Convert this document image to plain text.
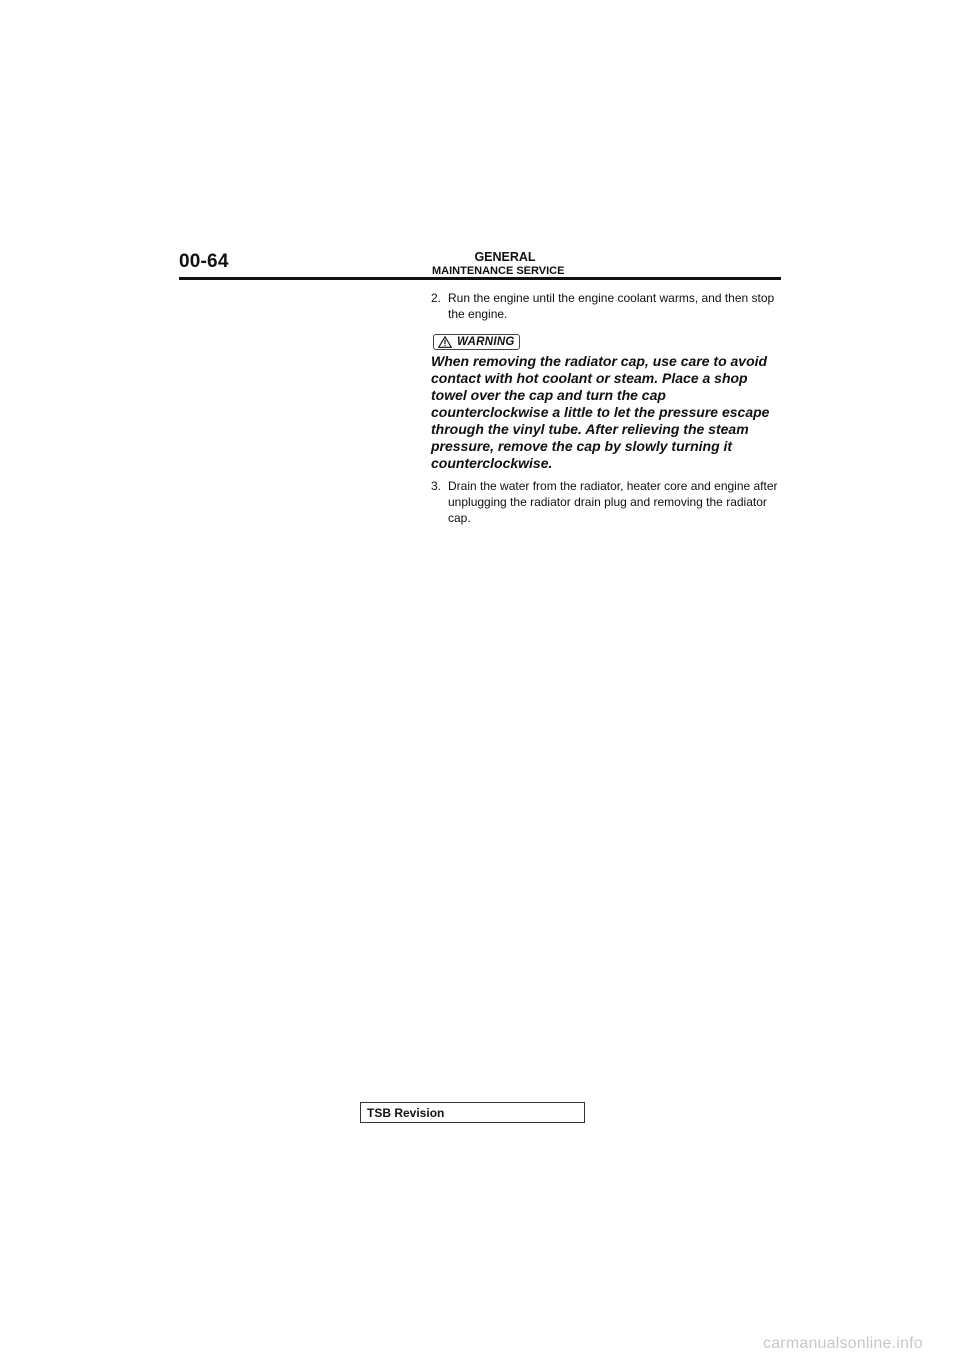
00-64	GENERAL
MAINTENANCE SERVICE
2. Run the engine until the engine coolant warms, and then stop the engine.
WARNING
When removing the radiator cap, use care to avoid contact with hot coolant or steam. Place a shop towel over the cap and turn the cap counterclockwise a little to let the pressure escape through the vinyl tube. After relieving the steam pressure, remove the cap by slowly turning it counterclockwise.
3. Drain the water from the radiator, heater core and engine after unplugging the radiator drain plug and removing the radiator cap.
TSB Revision
carmanualsonline.info
